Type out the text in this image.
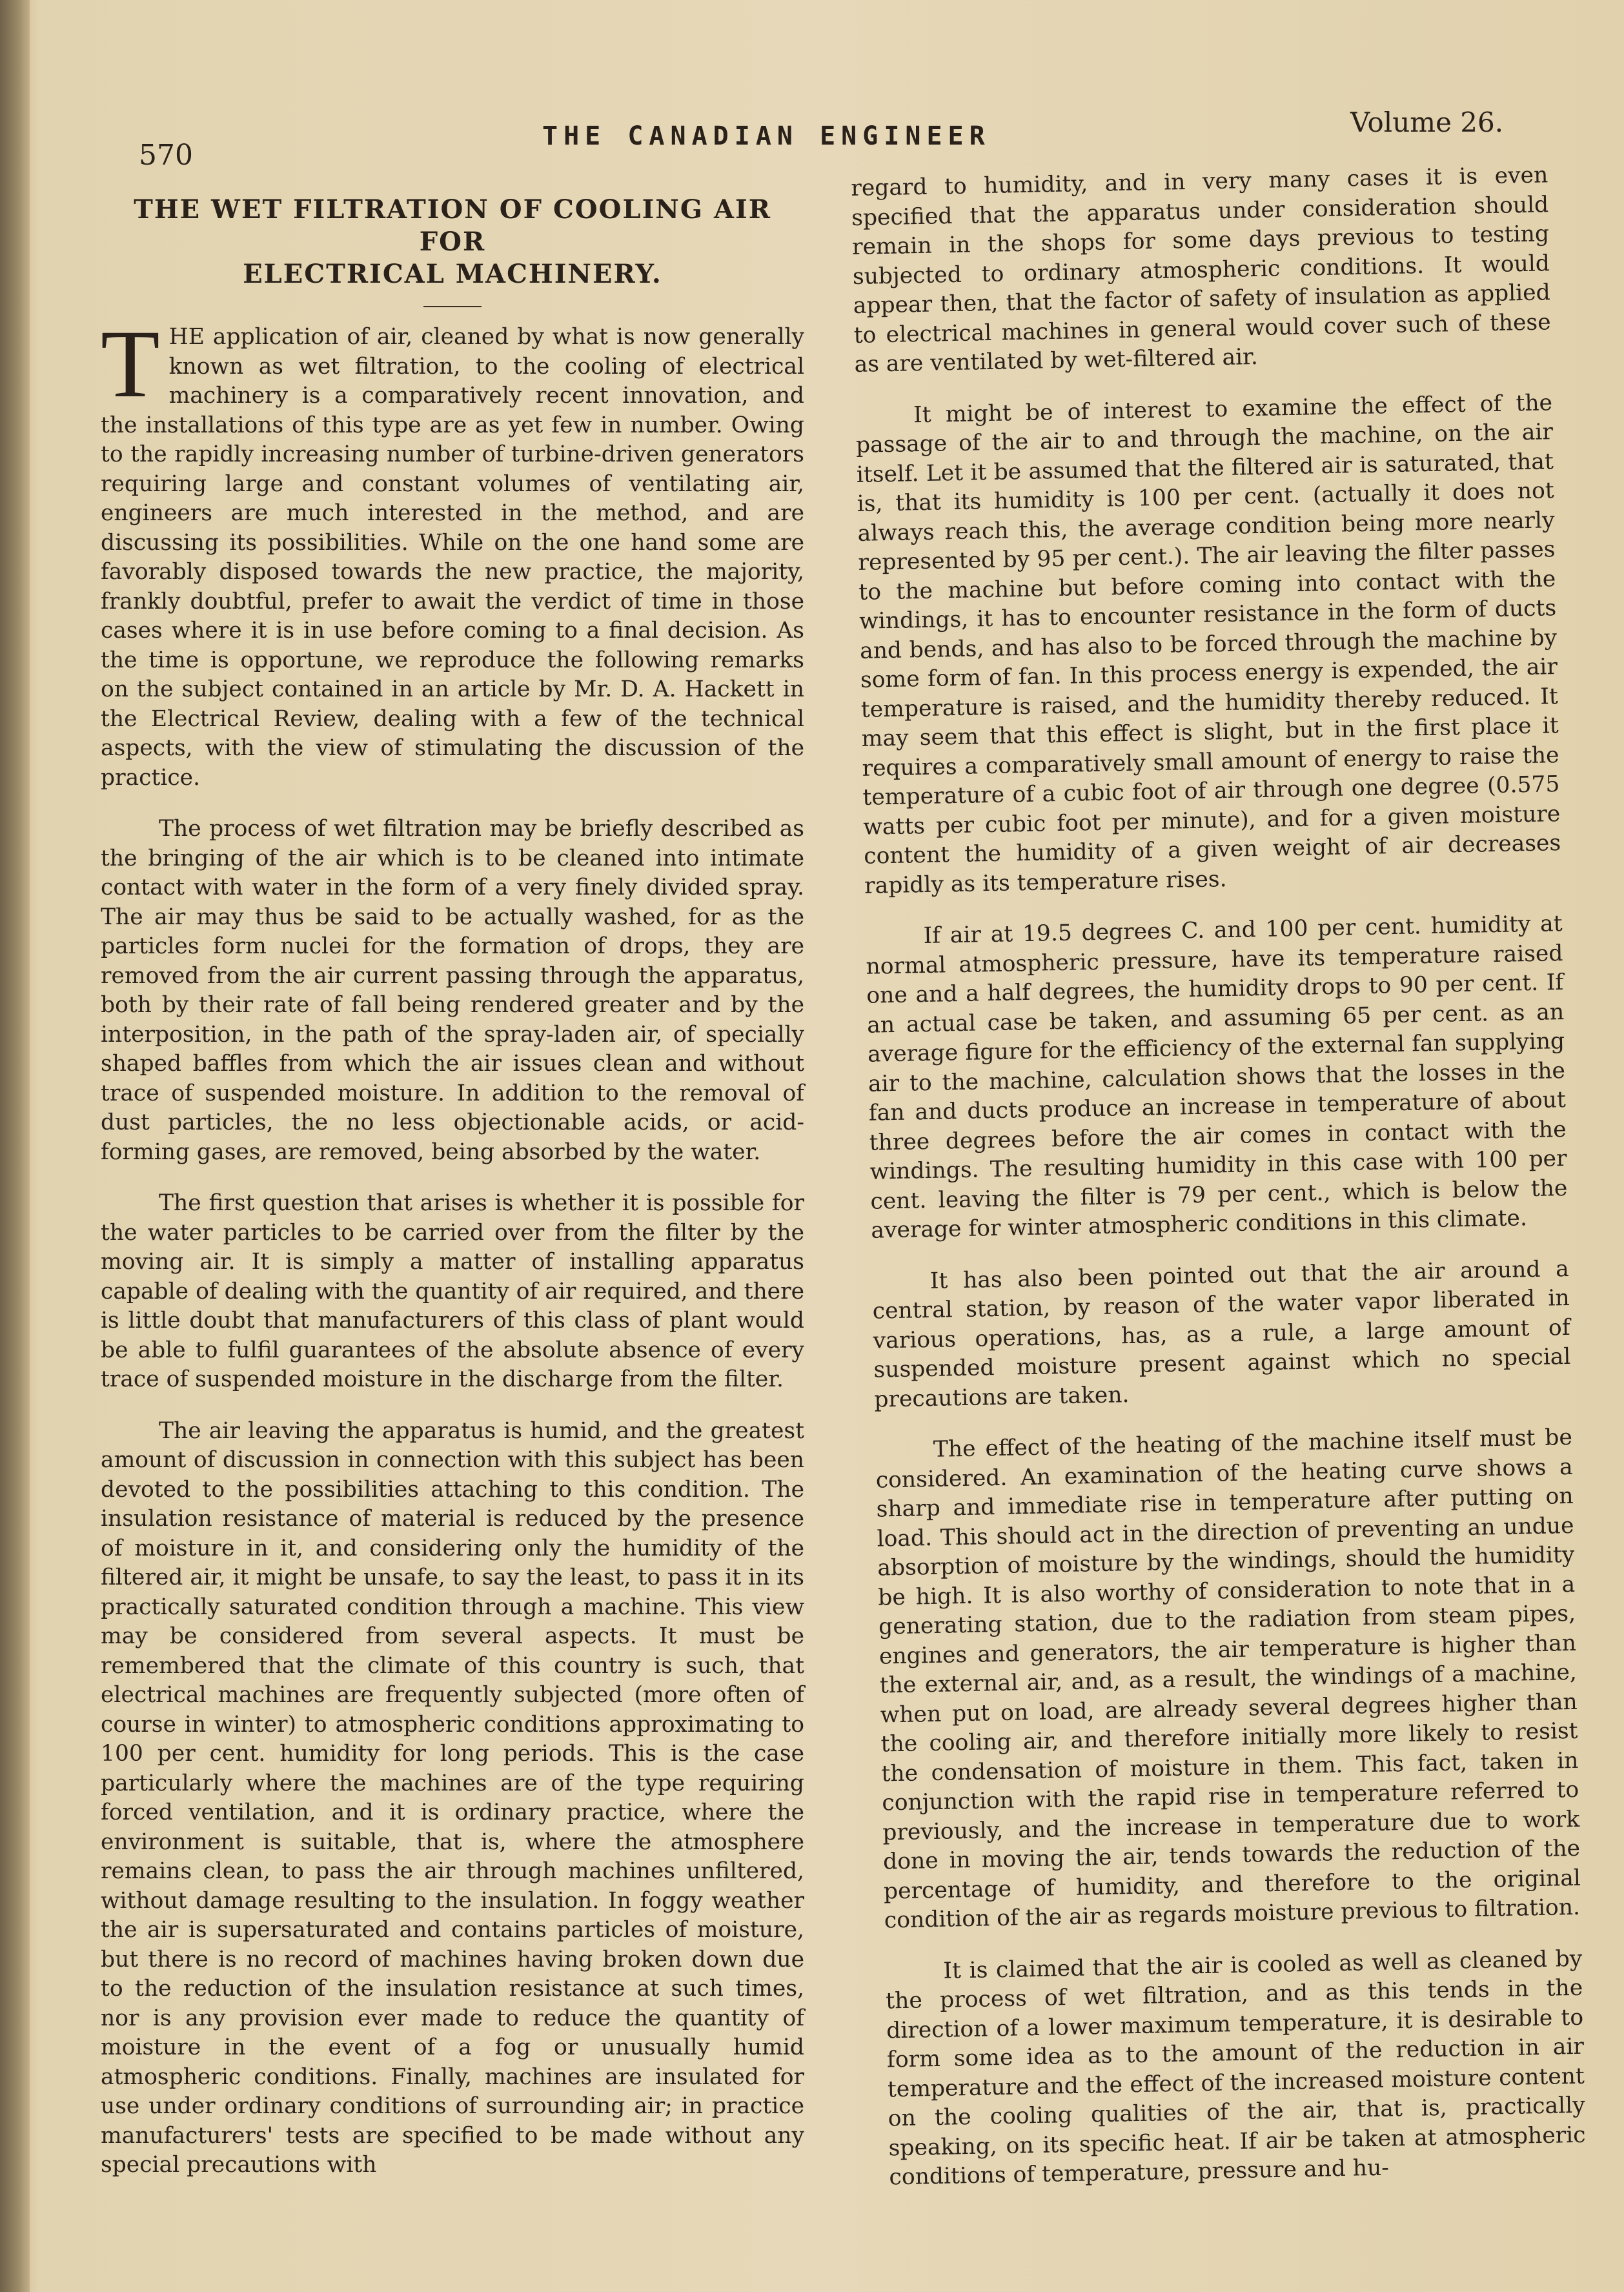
570
THE CANADIAN ENGINEER	Volume 26.
THE WET FILTRATION OF COOLING AIR FOR
ELECTRICAL MACHINERY.

THE application of air, cleaned by what is now generally known as wet filtration, to the cooling of electrical machinery is a comparatively recent innovation, and the installations of this type are as yet few in number. Owing to the rapidly increasing number of turbine-driven generators requiring large and constant volumes of ventilating air, engineers are much interested in the method, and are discussing its possibilities. While on the one hand some are favorably disposed towards the new practice, the majority, frankly doubtful, prefer to await the verdict of time in those cases where it is in use before coming to a final decision. As the time is opportune, we reproduce the following remarks on the subject contained in an article by Mr. D. A. Hackett in the Electrical Review, dealing with a few of the technical aspects, with the view of stimulating the discussion of the practice.

The process of wet filtration may be briefly described as the bringing of the air which is to be cleaned into intimate contact with water in the form of a very finely divided spray. The air may thus be said to be actually washed, for as the particles form nuclei for the formation of drops, they are removed from the air current passing through the apparatus, both by their rate of fall being rendered greater and by the interposition, in the path of the spray-laden air, of specially shaped baffles from which the air issues clean and without trace of suspended moisture. In addition to the removal of dust particles, the no less objectionable acids, or acid-forming gases, are removed, being absorbed by the water.

The first question that arises is whether it is possible for the water particles to be carried over from the filter by the moving air. It is simply a matter of installing apparatus capable of dealing with the quantity of air required, and there is little doubt that manufacturers of this class of plant would be able to fulfil guarantees of the absolute absence of every trace of suspended moisture in the discharge from the filter.

The air leaving the apparatus is humid, and the greatest amount of discussion in connection with this subject has been devoted to the possibilities attaching to this condition. The insulation resistance of material is reduced by the presence of moisture in it, and considering only the humidity of the filtered air, it might be unsafe, to say the least, to pass it in its practically saturated condition through a machine. This view may be considered from several aspects. It must be remembered that the climate of this country is such, that electrical machines are frequently subjected (more often of course in winter) to atmospheric conditions approximating to 100 per cent. humidity for long periods. This is the case particularly where the machines are of the type requiring forced ventilation, and it is ordinary practice, where the environment is suitable, that is, where the atmosphere remains clean, to pass the air through machines unfiltered, without damage resulting to the insulation. In foggy weather the air is supersaturated and contains particles of moisture, but there is no record of machines having broken down due to the reduction of the insulation resistance at such times, nor is any provision ever made to reduce the quantity of moisture in the event of a fog or unusually humid atmospheric conditions. Finally, machines are insulated for use under ordinary conditions of surrounding air; in practice manufacturers' tests are specified to be made without any special precautions with

regard to humidity, and in very many cases it is even specified that the apparatus under consideration should remain in the shops for some days previous to testing subjected to ordinary atmospheric conditions. It would appear then, that the factor of safety of insulation as applied to electrical machines in general would cover such of these as are ventilated by wet-filtered air.

It might be of interest to examine the effect of the passage of the air to and through the machine, on the air itself. Let it be assumed that the filtered air is saturated, that is, that its humidity is 100 per cent. (actually it does not always reach this, the average condition being more nearly represented by 95 per cent.). The air leaving the filter passes to the machine but before coming into contact with the windings, it has to encounter resistance in the form of ducts and bends, and has also to be forced through the machine by some form of fan. In this process energy is expended, the air temperature is raised, and the humidity thereby reduced. It may seem that this effect is slight, but in the first place it requires a comparatively small amount of energy to raise the temperature of a cubic foot of air through one degree (0.575 watts per cubic foot per minute), and for a given moisture content the humidity of a given weight of air decreases rapidly as its temperature rises.

If air at 19.5 degrees C. and 100 per cent. humidity at normal atmospheric pressure, have its temperature raised one and a half degrees, the humidity drops to 90 per cent. If an actual case be taken, and assuming 65 per cent. as an average figure for the efficiency of the external fan supplying air to the machine, calculation shows that the losses in the fan and ducts produce an increase in temperature of about three degrees before the air comes in contact with the windings. The resulting humidity in this case with 100 per cent. leaving the filter is 79 per cent., which is below the average for winter atmospheric conditions in this climate.

It has also been pointed out that the air around a central station, by reason of the water vapor liberated in various operations, has, as a rule, a large amount of suspended moisture present against which no special precautions are taken.

The effect of the heating of the machine itself must be considered. An examination of the heating curve shows a sharp and immediate rise in temperature after putting on load. This should act in the direction of preventing an undue absorption of moisture by the windings, should the humidity be high. It is also worthy of consideration to note that in a generating station, due to the radiation from steam pipes, engines and generators, the air temperature is higher than the external air, and, as a result, the windings of a machine, when put on load, are already several degrees higher than the cooling air, and therefore initially more likely to resist the condensation of moisture in them. This fact, taken in conjunction with the rapid rise in temperature referred to previously, and the increase in temperature due to work done in moving the air, tends towards the reduction of the percentage of humidity, and therefore to the original condition of the air as regards moisture previous to filtration.

It is claimed that the air is cooled as well as cleaned by the process of wet filtration, and as this tends in the direction of a lower maximum temperature, it is desirable to form some idea as to the amount of the reduction in air temperature and the effect of the increased moisture content on the cooling qualities of the air, that is, practically speaking, on its specific heat. If air be taken at atmospheric conditions of temperature, pressure and hu-
